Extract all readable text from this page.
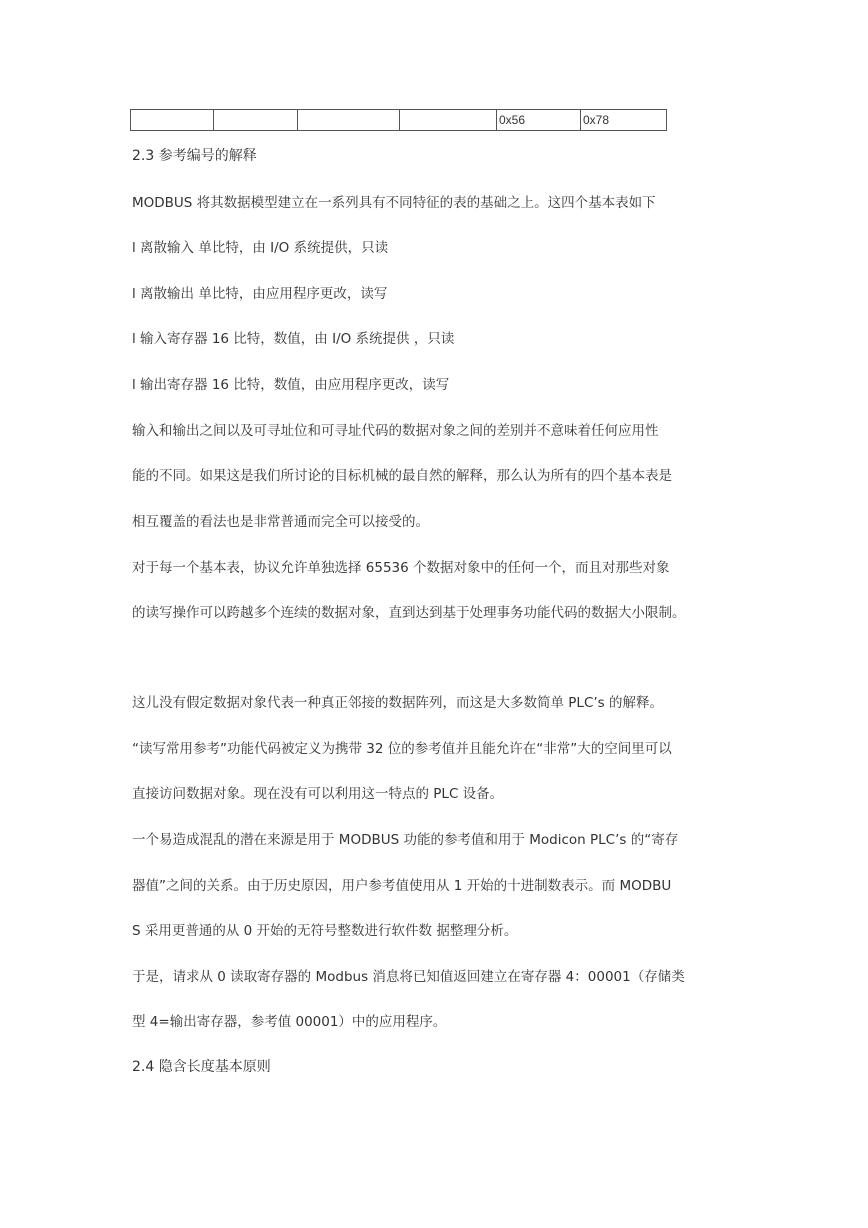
				0x56	0x78
2.3 参考编号的解释
MODBUS 将其数据模型建立在一系列具有不同特征的表的基础之上。这四个基本表如下
l 离散输入 单比特，由 I/O 系统提供，只读
l 离散输出 单比特，由应用程序更改，读写
l 输入寄存器 16 比特，数值，由 I/O 系统提供 ，只读
l 输出寄存器 16 比特，数值，由应用程序更改，读写
输入和输出之间以及可寻址位和可寻址代码的数据对象之间的差别并不意味着任何应用性
能的不同。如果这是我们所讨论的目标机械的最自然的解释，那么认为所有的四个基本表是
相互覆盖的看法也是非常普通而完全可以接受的。
对于每一个基本表，协议允许单独选择 65536 个数据对象中的任何一个，而且对那些对象
的读写操作可以跨越多个连续的数据对象，直到达到基于处理事务功能代码的数据大小限制。
这儿没有假定数据对象代表一种真正邻接的数据阵列，而这是大多数简单 PLC’s 的解释。
“读写常用参考”功能代码被定义为携带 32 位的参考值并且能允许在“非常”大的空间里可以
直接访问数据对象。现在没有可以利用这一特点的 PLC 设备。
一个易造成混乱的潜在来源是用于 MODBUS 功能的参考值和用于 Modicon PLC’s 的“寄存
器值”之间的关系。由于历史原因，用户参考值使用从 1 开始的十进制数表示。而 MODBU
S 采用更普通的从 0 开始的无符号整数进行软件数 据整理分析。
于是，请求从 0 读取寄存器的 Modbus 消息将已知值返回建立在寄存器 4：00001（存储类
型 4=输出寄存器，参考值 00001）中的应用程序。
2.4 隐含长度基本原则
